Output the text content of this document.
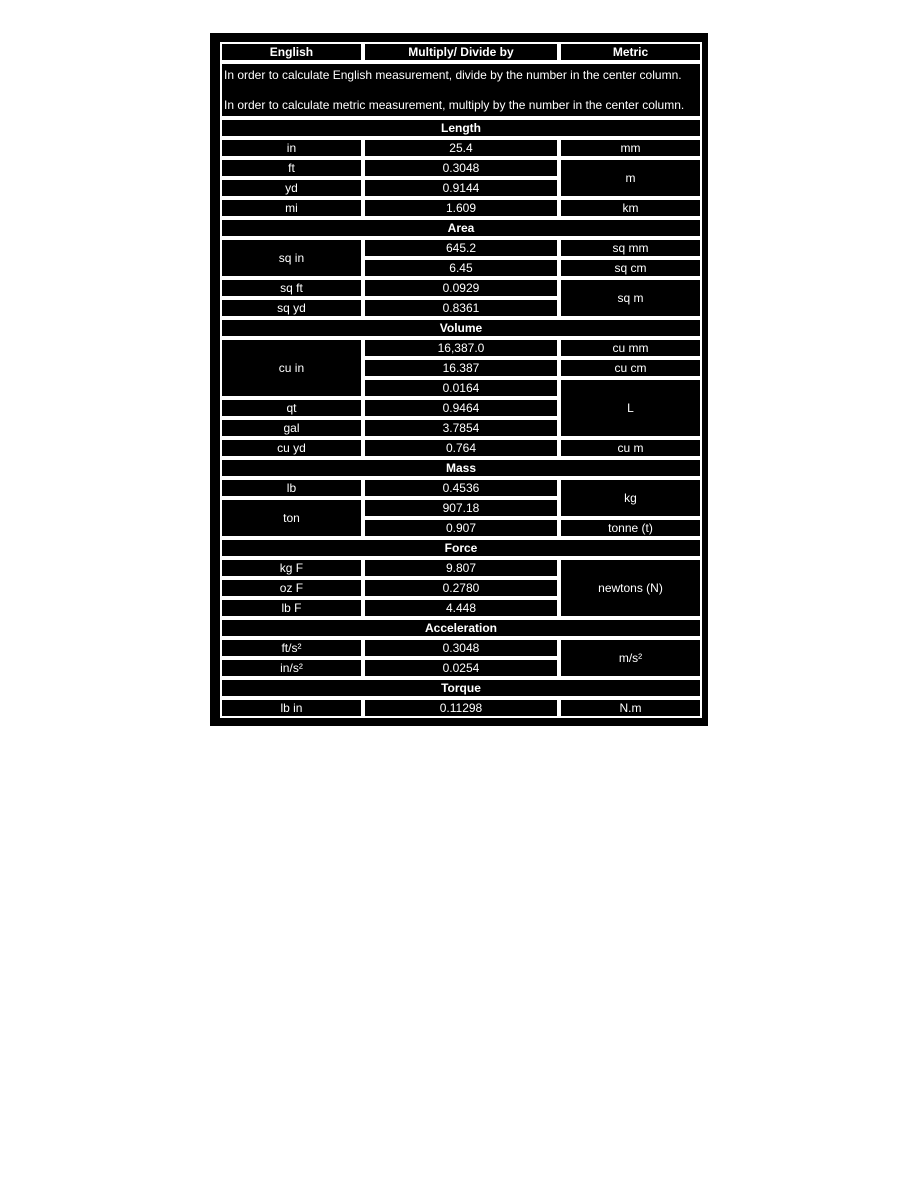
English	Multiply/ Divide by	Metric

In order to calculate English measurement, divide by the number in the center column.

In order to calculate metric measurement, multiply by the number in the center column.		

Length		
in	25.4	mm
ft	0.3048	m
yd	0.9144	
mi	1.609	km
Area		
sq in	645.2	sq mm
	6.45	sq cm
sq ft	0.0929	sq m
sq yd	0.8361	
Volume		
cu in	16,387.0	cu mm
	16.387	cu cm
	0.0164	L
qt	0.9464	
gal	3.7854	
cu yd	0.764	cu m
Mass		
lb	0.4536	kg
ton	907.18	
	0.907	tonne (t)
Force		
kg F	9.807	newtons (N)
oz F	0.2780	
lb F	4.448	
Acceleration		
ft/s²	0.3048	m/s²
in/s²	0.0254	
Torque		
lb in	0.11298	N.m
